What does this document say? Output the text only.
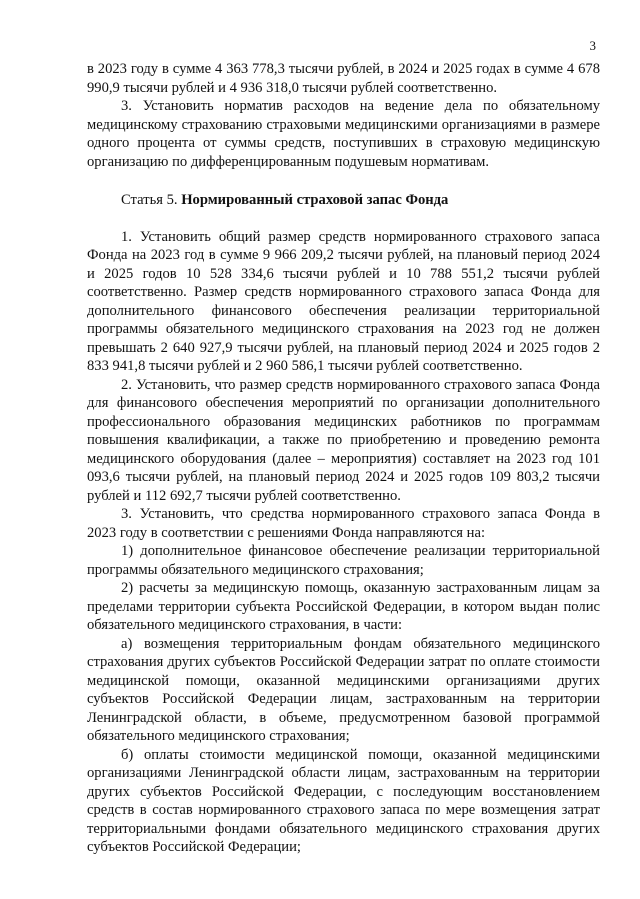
3

в 2023 году в сумме 4 363 778,3 тысячи рублей, в 2024 и 2025 годах в сумме 4 678 990,9 тысячи рублей и 4 936 318,0 тысячи рублей соответственно.

3. Установить норматив расходов на ведение дела по обязательному медицинскому страхованию страховыми медицинскими организациями в размере одного процента от суммы средств, поступивших в страховую медицинскую организацию по дифференцированным подушевым нормативам.

Статья 5. Нормированный страховой запас Фонда

1. Установить общий размер средств нормированного страхового запаса Фонда на 2023 год в сумме 9 966 209,2 тысячи рублей, на плановый период 2024 и 2025 годов 10 528 334,6 тысячи рублей и 10 788 551,2 тысячи рублей соответственно. Размер средств нормированного страхового запаса Фонда для дополнительного финансового обеспечения реализации территориальной программы обязательного медицинского страхования на 2023 год не должен превышать 2 640 927,9 тысячи рублей, на плановый период 2024 и 2025 годов 2 833 941,8 тысячи рублей и 2 960 586,1 тысячи рублей соответственно.

2. Установить, что размер средств нормированного страхового запаса Фонда для финансового обеспечения мероприятий по организации дополнительного профессионального образования медицинских работников по программам повышения квалификации, а также по приобретению и проведению ремонта медицинского оборудования (далее – мероприятия) составляет на 2023 год 101 093,6 тысячи рублей, на плановый период 2024 и 2025 годов 109 803,2 тысячи рублей и 112 692,7 тысячи рублей соответственно.

3. Установить, что средства нормированного страхового запаса Фонда в 2023 году в соответствии с решениями Фонда направляются на:

1) дополнительное финансовое обеспечение реализации территориальной программы обязательного медицинского страхования;

2) расчеты за медицинскую помощь, оказанную застрахованным лицам за пределами территории субъекта Российской Федерации, в котором выдан полис обязательного медицинского страхования, в части:

а) возмещения территориальным фондам обязательного медицинского страхования других субъектов Российской Федерации затрат по оплате стоимости медицинской помощи, оказанной медицинскими организациями других субъектов Российской Федерации лицам, застрахованным на территории Ленинградской области, в объеме, предусмотренном базовой программой обязательного медицинского страхования;

б) оплаты стоимости медицинской помощи, оказанной медицинскими организациями Ленинградской области лицам, застрахованным на территории других субъектов Российской Федерации, с последующим восстановлением средств в состав нормированного страхового запаса по мере возмещения затрат территориальными фондами обязательного медицинского страхования других субъектов Российской Федерации;
